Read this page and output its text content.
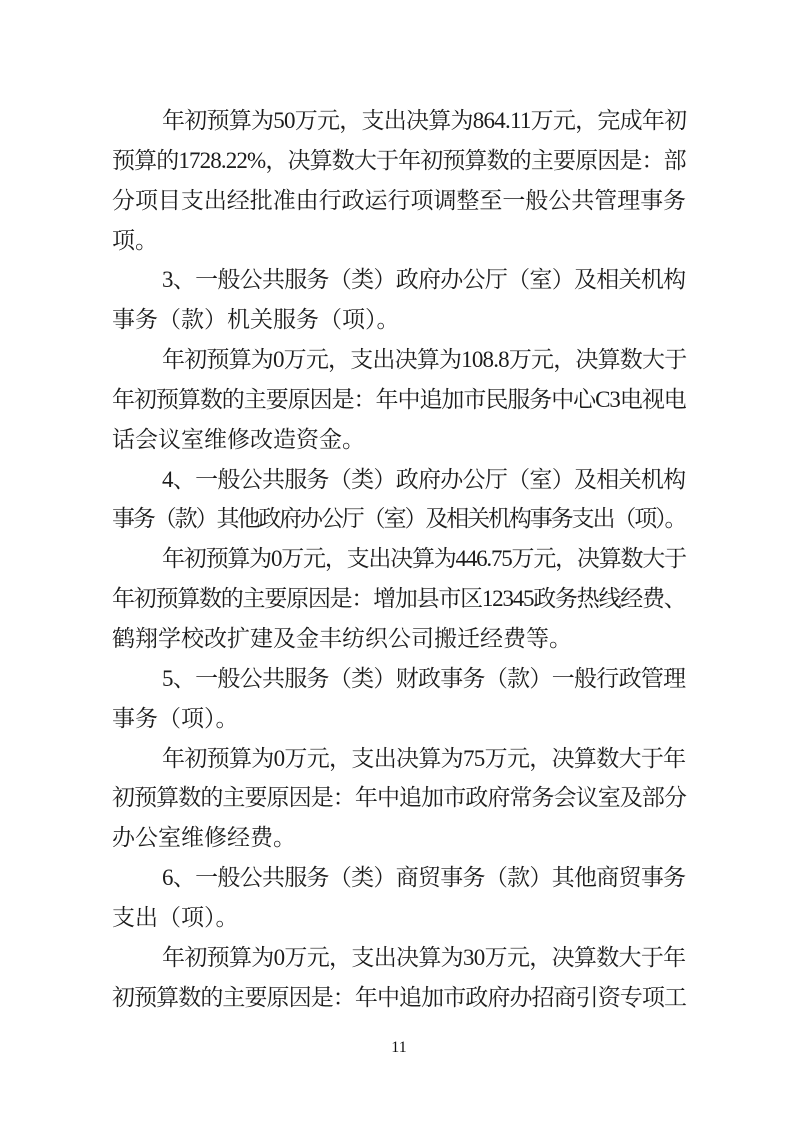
年初预算为50万元，支出决算为864.11万元，完成年初
预算的1728.22%，决算数大于年初预算数的主要原因是：部
分项目支出经批准由行政运行项调整至一般公共管理事务
项。
3、一般公共服务（类）政府办公厅（室）及相关机构
事务（款）机关服务（项）。
年初预算为0万元，支出决算为108.8万元，决算数大于
年初预算数的主要原因是：年中追加市民服务中心C3电视电
话会议室维修改造资金。
4、一般公共服务（类）政府办公厅（室）及相关机构
事务（款）其他政府办公厅（室）及相关机构事务支出（项）。
年初预算为0万元，支出决算为446.75万元，决算数大于
年初预算数的主要原因是：增加县市区12345政务热线经费、
鹤翔学校改扩建及金丰纺织公司搬迁经费等。
5、一般公共服务（类）财政事务（款）一般行政管理
事务（项）。
年初预算为0万元，支出决算为75万元，决算数大于年
初预算数的主要原因是：年中追加市政府常务会议室及部分
办公室维修经费。
6、一般公共服务（类）商贸事务（款）其他商贸事务
支出（项）。
年初预算为0万元，支出决算为30万元，决算数大于年
初预算数的主要原因是：年中追加市政府办招商引资专项工
11
